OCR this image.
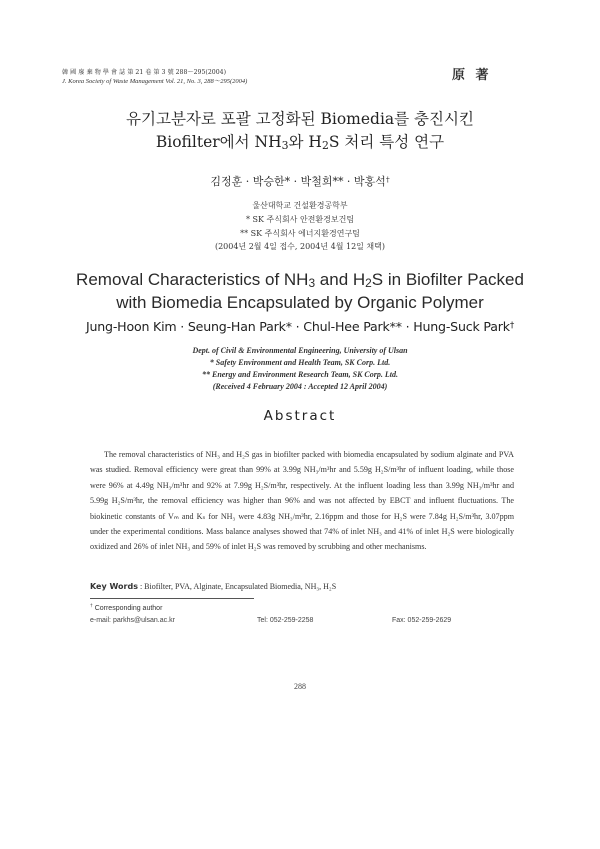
韓 國 廢 棄 物 學 會 誌 第 21 卷 第 3 號 288～295(2004)
J. Korea Society of Waste Management Vol. 21, No. 3, 288～295(2004)	原 著
유기고분자로 포괄 고정화된 Biomedia를 충진시킨
Biofilter에서 $NH_3$와 $H_2S$ 처리 특성 연구
김정훈 · 박승한* · 박철희** · 박홍석†
울산대학교 건설환경공학부
* SK 주식회사 안전환경보건팀
** SK 주식회사 에너지환경연구팀
(2004년 2월 4일 접수, 2004년 4월 12일 채택)
Removal Characteristics of $NH_3$ and $H_2S$ in Biofilter Packed
with Biomedia Encapsulated by Organic Polymer
Jung-Hoon Kim · Seung-Han Park* · Chul-Hee Park** · Hung-Suck Park†
Dept. of Civil & Environmental Engineering, University of Ulsan
* Safety Environment and Health Team, SK Corp. Ltd.
** Energy and Environment Research Team, SK Corp. Ltd.
(Received 4 February 2004 : Accepted 12 April 2004)
Abstract
The removal characteristics of NH₃ and H₂S gas in biofilter packed with biomedia encapsulated by sodium alginate and PVA was studied. Removal efficiency were great than 99% at 3.99g NH₃/m³hr and 5.59g H₂S/m³hr of influent loading, while those were 96% at 4.49g NH₃/m³hr and 92% at 7.99g H₂S/m³hr, respectively. At the influent loading less than 3.99g NH₃/m³hr and 5.99g H₂S/m³hr, the removal efficiency was higher than 96% and was not affected by EBCT and influent fluctuations. The biokinetic constants of Vₘ and Kₛ for NH₃ were 4.83g NH₃/m³hr, 2.16ppm and those for H₂S were 7.84g H₂S/m³hr, 3.07ppm under the experimental conditions. Mass balance analyses showed that 74% of inlet NH₃ and 41% of inlet H₂S were biologically oxidized and 26% of inlet NH₃ and 59% of inlet H₂S was removed by scrubbing and other mechanisms.
Key Words : Biofilter, PVA, Alginate, Encapsulated Biomedia, NH₃, H₂S
† Corresponding author
e-mail: parkhs@ulsan.ac.kr	Tel: 052-259-2258	Fax: 052-259-2629
288
